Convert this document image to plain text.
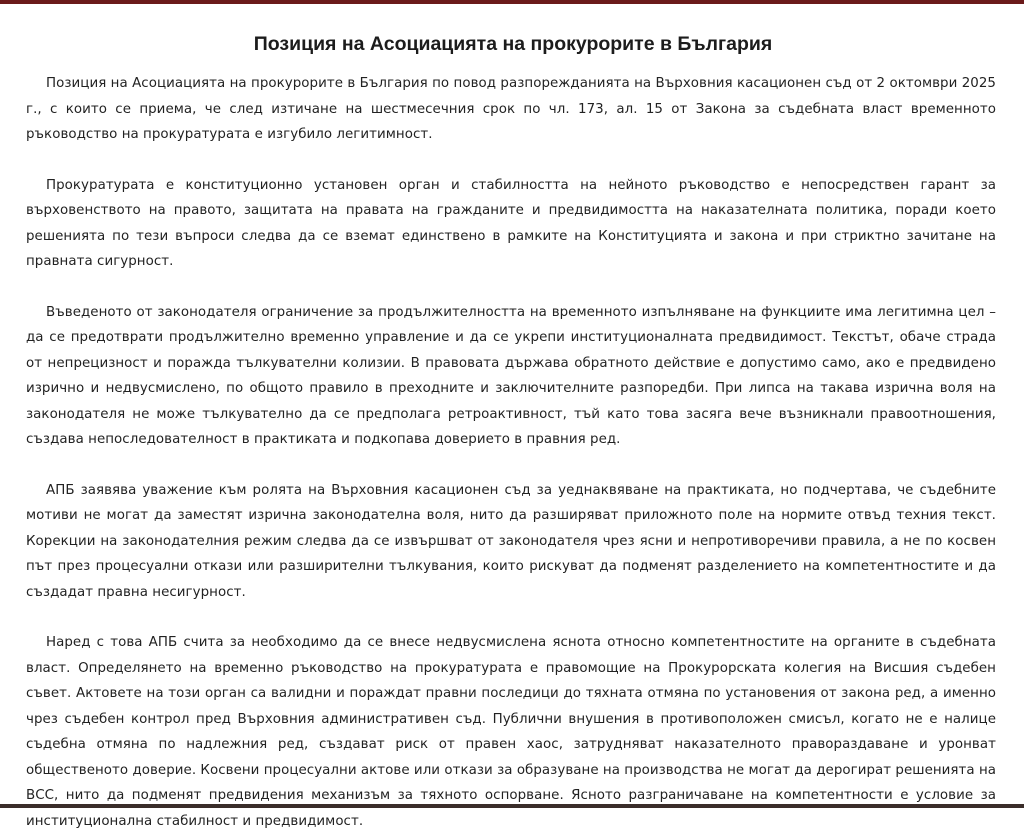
Позиция на Асоциацията на прокурорите в България

Позиция на Асоциацията на прокурорите в България по повод разпорежданията на Върховния касационен съд от 2 октомври 2025 г., с които се приема, че след изтичане на шестмесечния срок по чл. 173, ал. 15 от Закона за съдебната власт временното ръководство на прокуратурата е изгубило легитимност.

Прокуратурата е конституционно установен орган и стабилността на нейното ръководство е непосредствен гарант за върховенството на правото, защитата на правата на гражданите и предвидимостта на наказателната политика, поради което решенията по тези въпроси следва да се вземат единствено в рамките на Конституцията и закона и при стриктно зачитане на правната сигурност.

Въведеното от законодателя ограничение за продължителността на временното изпълняване на функциите има легитимна цел – да се предотврати продължително временно управление и да се укрепи институционалната предвидимост. Текстът, обаче страда от непрецизност и поражда тълкувателни колизии. В правовата държава обратното действие е допустимо само, ако е предвидено изрично и недвусмислено, по общото правило в преходните и заключителните разпоредби. При липса на такава изрична воля на законодателя не може тълкувателно да се предполага ретроактивност, тъй като това засяга вече възникнали правоотношения, създава непоследователност в практиката и подкопава доверието в правния ред.

АПБ заявява уважение към ролята на Върховния касационен съд за уеднаквяване на практиката, но подчертава, че съдебните мотиви не могат да заместят изрична законодателна воля, нито да разширяват приложното поле на нормите отвъд техния текст. Корекции на законодателния режим следва да се извършват от законодателя чрез ясни и непротиворечиви правила, а не по косвен път през процесуални откази или разширителни тълкувания, които рискуват да подменят разделението на компетентностите и да създадат правна несигурност.

Наред с това АПБ счита за необходимо да се внесе недвусмислена яснота относно компетентностите на органите в съдебната власт. Определянето на временно ръководство на прокуратурата е правомощие на Прокурорската колегия на Висшия съдебен съвет. Актовете на този орган са валидни и пораждат правни последици до тяхната отмяна по установения от закона ред, а именно чрез съдебен контрол пред Върховния административен съд. Публични внушения в противоположен смисъл, когато не е налице съдебна отмяна по надлежния ред, създават риск от правен хаос, затрудняват наказателното правораздаване и уронват общественото доверие. Косвени процесуални актове или откази за образуване на производства не могат да дерогират решенията на ВСС, нито да подменят предвидения механизъм за тяхното оспорване. Ясното разграничаване на компетентности е условие за институционална стабилност и предвидимост.
